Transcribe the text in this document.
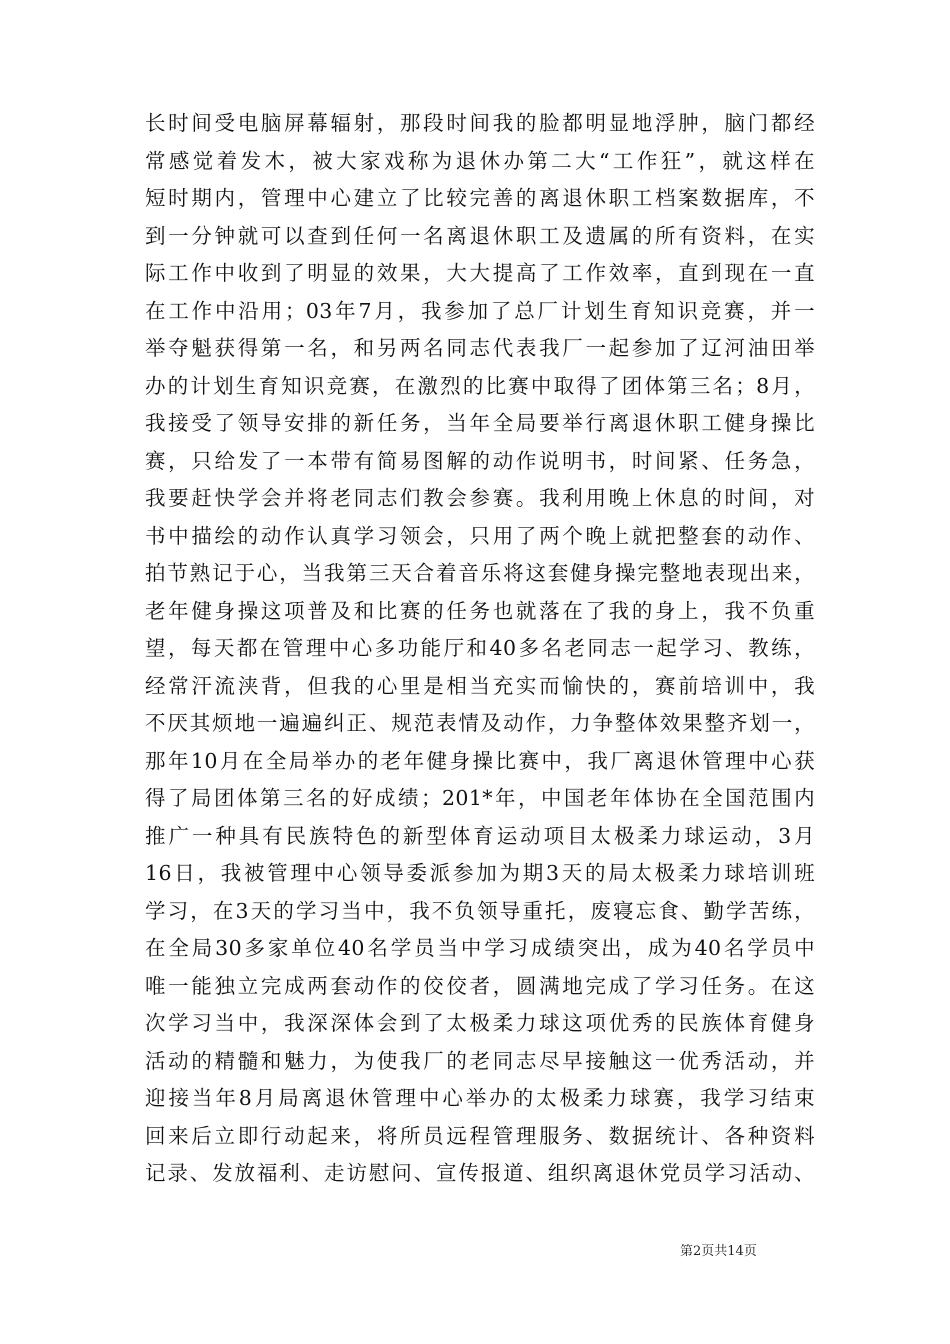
长时间受电脑屏幕辐射，那段时间我的脸都明显地浮肿，脑门都经
常感觉着发木，被大家戏称为退休办第二大“工作狂”，就这样在
短时期内，管理中心建立了比较完善的离退休职工档案数据库，不
到一分钟就可以查到任何一名离退休职工及遗属的所有资料，在实
际工作中收到了明显的效果，大大提高了工作效率，直到现在一直
在工作中沿用；03年7月，我参加了总厂计划生育知识竞赛，并一
举夺魁获得第一名，和另两名同志代表我厂一起参加了辽河油田举
办的计划生育知识竞赛，在激烈的比赛中取得了团体第三名；8月，
我接受了领导安排的新任务，当年全局要举行离退休职工健身操比
赛，只给发了一本带有简易图解的动作说明书，时间紧、任务急，
我要赶快学会并将老同志们教会参赛。我利用晚上休息的时间，对
书中描绘的动作认真学习领会，只用了两个晚上就把整套的动作、
拍节熟记于心，当我第三天合着音乐将这套健身操完整地表现出来，
老年健身操这项普及和比赛的任务也就落在了我的身上，我不负重
望，每天都在管理中心多功能厅和40多名老同志一起学习、教练，
经常汗流浃背，但我的心里是相当充实而愉快的，赛前培训中，我
不厌其烦地一遍遍纠正、规范表情及动作，力争整体效果整齐划一，
那年10月在全局举办的老年健身操比赛中，我厂离退休管理中心获
得了局团体第三名的好成绩；201*年，中国老年体协在全国范围内
推广一种具有民族特色的新型体育运动项目太极柔力球运动，3月
16日，我被管理中心领导委派参加为期3天的局太极柔力球培训班
学习，在3天的学习当中，我不负领导重托，废寝忘食、勤学苦练，
在全局30多家单位40名学员当中学习成绩突出，成为40名学员中
唯一能独立完成两套动作的佼佼者，圆满地完成了学习任务。在这
次学习当中，我深深体会到了太极柔力球这项优秀的民族体育健身
活动的精髓和魅力，为使我厂的老同志尽早接触这一优秀活动，并
迎接当年8月局离退休管理中心举办的太极柔力球赛，我学习结束
回来后立即行动起来，将所员远程管理服务、数据统计、各种资料
记录、发放福利、走访慰问、宣传报道、组织离退休党员学习活动、
第2页共14页
